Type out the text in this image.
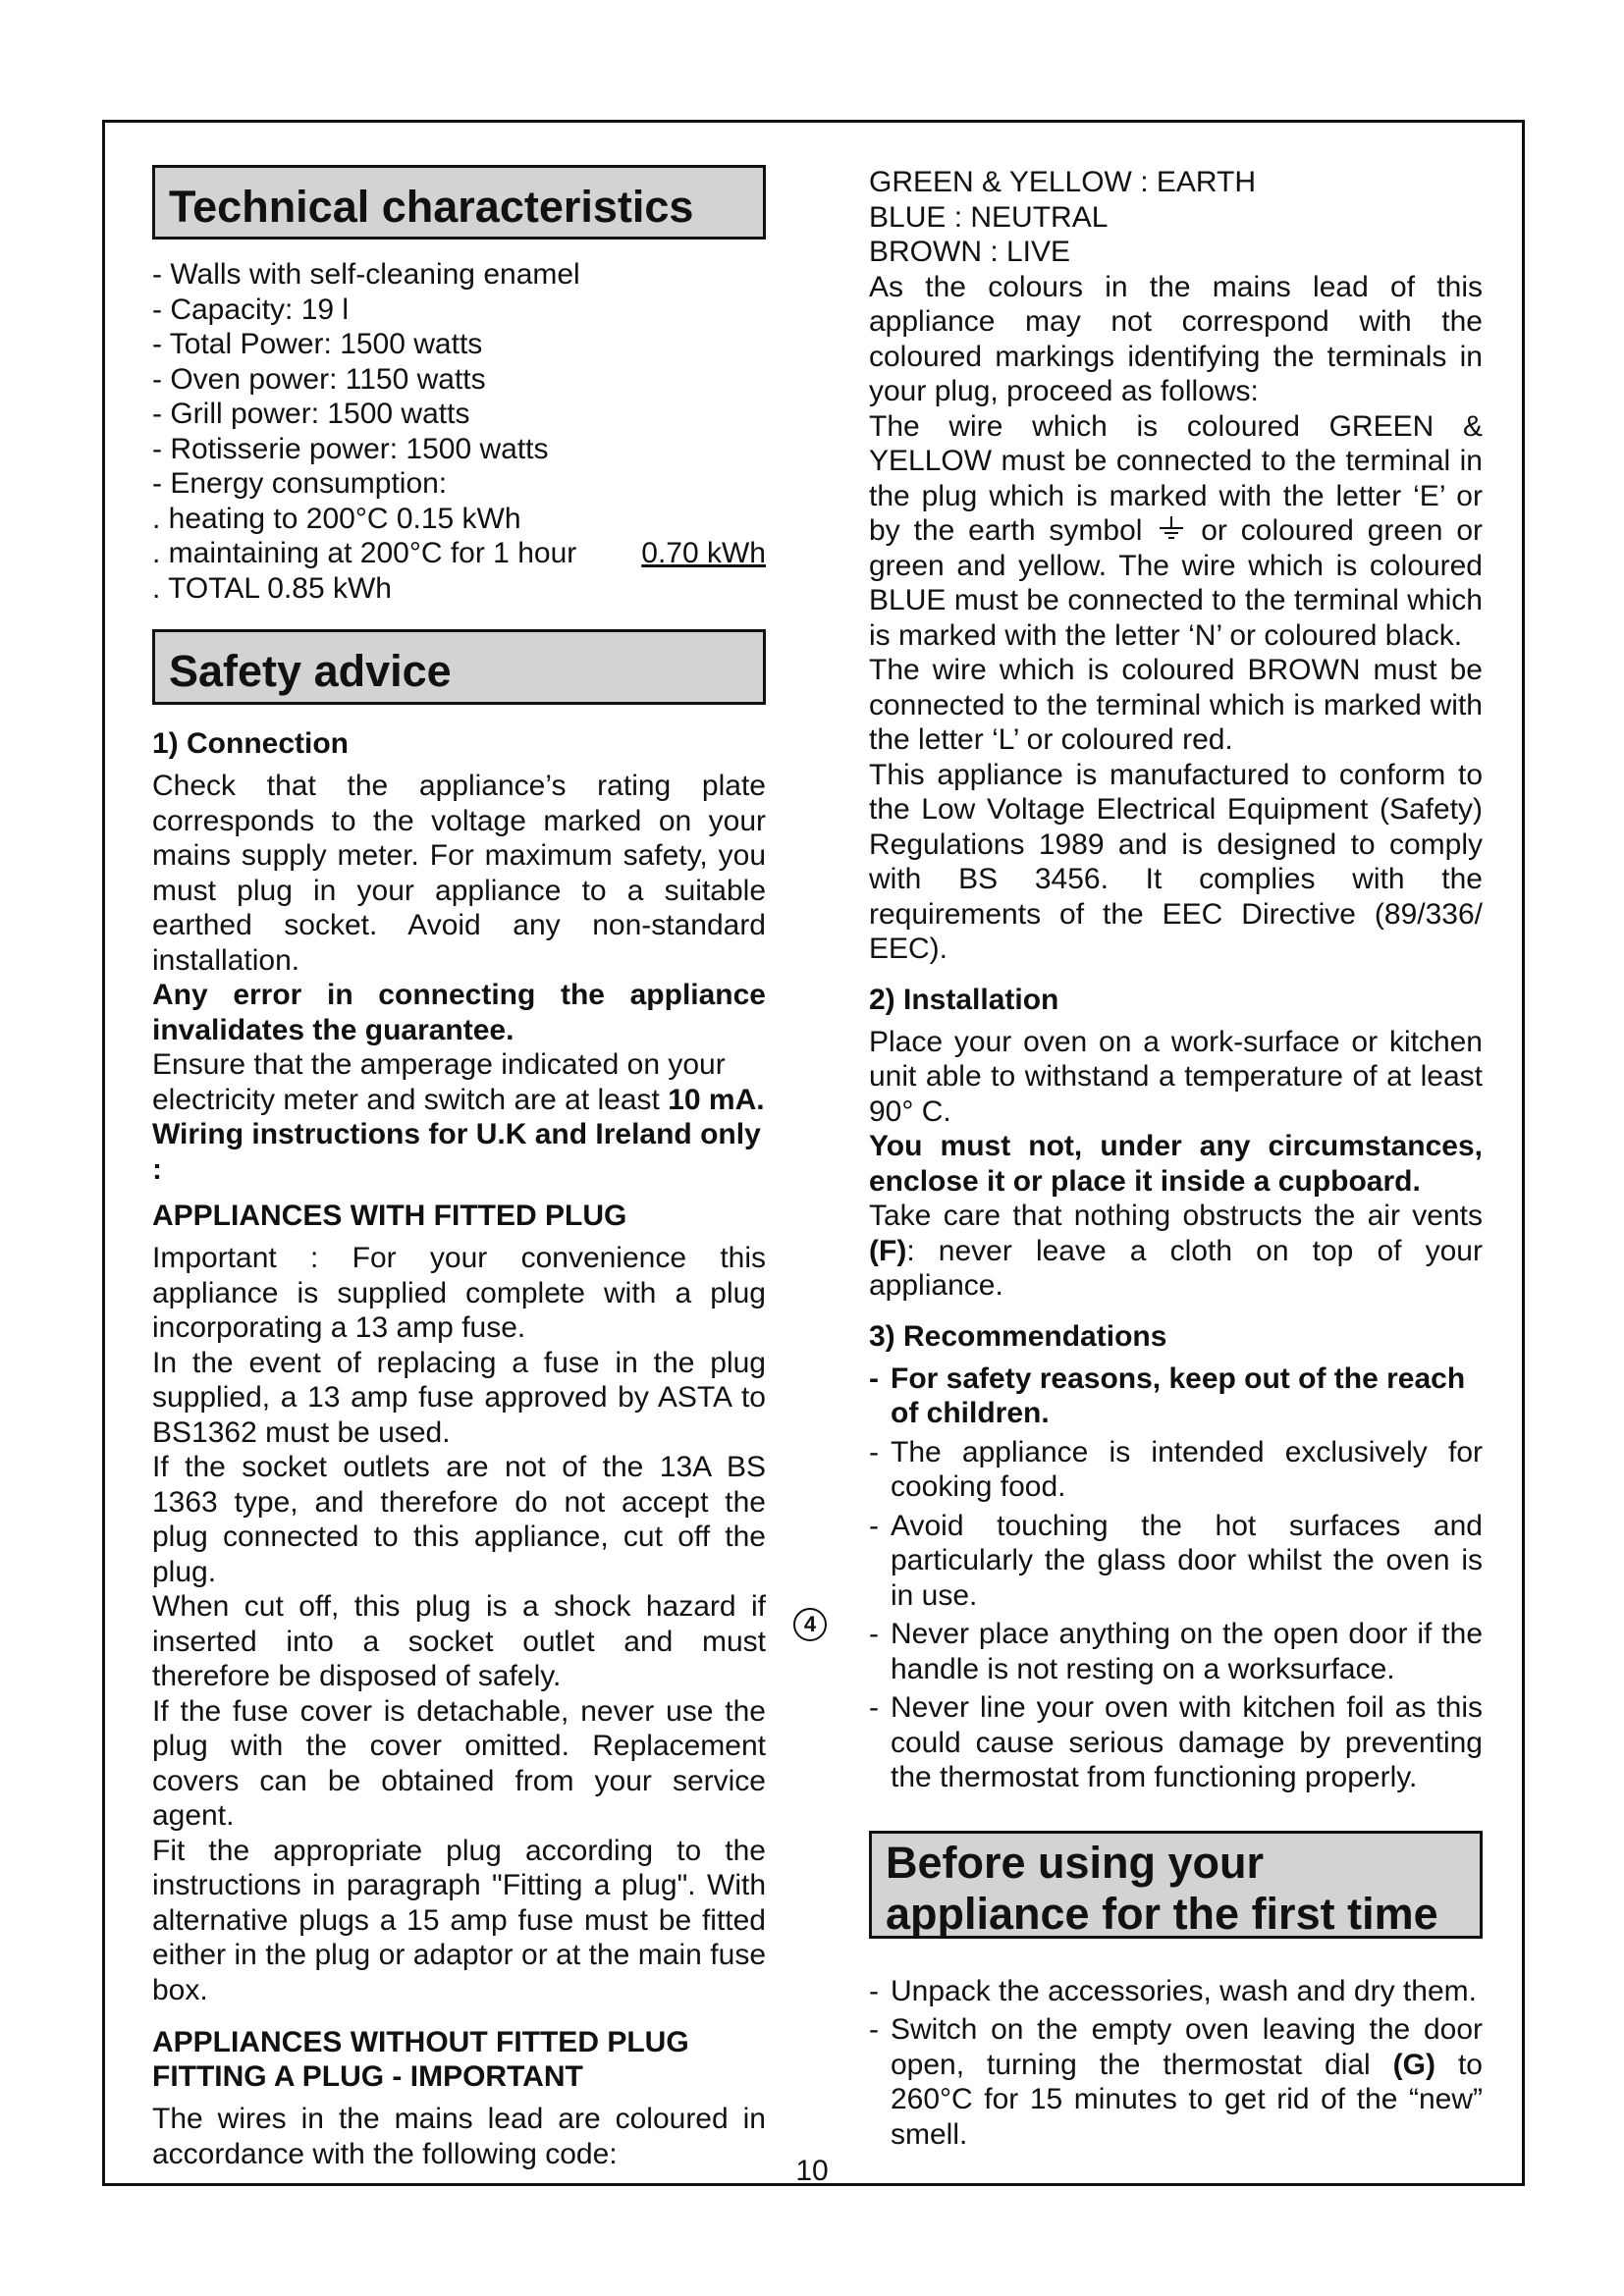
Technical characteristics
- Walls with self-cleaning enamel
- Capacity: 19 l
- Total Power: 1500 watts
- Oven power: 1150 watts
- Grill power: 1500 watts
- Rotisserie power: 1500 watts
- Energy consumption:
. heating to 200°C 0.15 kWh
. maintaining at 200°C for 1 hour 0.70 kWh
. TOTAL 0.85 kWh
Safety advice
1) Connection

Check that the appliance’s rating plate corresponds to the voltage marked on your mains supply meter. For maximum safety, you must plug in your appliance to a suitable earthed socket. Avoid any non-standard installation.

Any error in connecting the appliance invalidates the guarantee.

Ensure that the amperage indicated on your electricity meter and switch are at least 10 mA.

Wiring instructions for U.K and Ireland only :

APPLIANCES WITH FITTED PLUG

Important : For your convenience this appliance is supplied complete with a plug incorporating a 13 amp fuse.

In the event of replacing a fuse in the plug supplied, a 13 amp fuse approved by ASTA to BS1362 must be used.

If the socket outlets are not of the 13A BS 1363 type, and therefore do not accept the plug connected to this appliance, cut off the plug.

When cut off, this plug is a shock hazard if inserted into a socket outlet and must therefore be disposed of safely.

If the fuse cover is detachable, never use the plug with the cover omitted. Replacement covers can be obtained from your service agent.

Fit the appropriate plug according to the instructions in paragraph "Fitting a plug". With alternative plugs a 15 amp fuse must be fitted either in the plug or adaptor or at the main fuse box.

APPLIANCES WITHOUT FITTED PLUG
FITTING A PLUG - IMPORTANT

The wires in the mains lead are coloured in accordance with the following code:

GREEN & YELLOW : EARTH
BLUE : NEUTRAL
BROWN : LIVE

As the colours in the mains lead of this appliance may not correspond with the coloured markings identifying the terminals in your plug, proceed as follows:

The wire which is coloured GREEN & YELLOW must be connected to the terminal in the plug which is marked with the letter ‘E’ or by the earth symbol or coloured green or green and yellow. The wire which is coloured BLUE must be connected to the terminal which is marked with the letter ‘N’ or coloured black.

The wire which is coloured BROWN must be connected to the terminal which is marked with the letter ‘L’ or coloured red.

This appliance is manufactured to conform to the Low Voltage Electrical Equipment (Safety) Regulations 1989 and is designed to comply with BS 3456. It complies with the requirements of the EEC Directive (89/336/ EEC).

2) Installation

Place your oven on a work-surface or kitchen unit able to withstand a temperature of at least 90° C.

You must not, under any circumstances, enclose it or place it inside a cupboard.

Take care that nothing obstructs the air vents (F): never leave a cloth on top of your appliance.

3) Recommendations
- For safety reasons, keep out of the reach of children.
- The appliance is intended exclusively for cooking food.
- Avoid touching the hot surfaces and particularly the glass door whilst the oven is in use.
- Never place anything on the open door if the handle is not resting on a worksurface.
- Never line your oven with kitchen foil as this could cause serious damage by preventing the thermostat from functioning properly.
Before using your appliance for the first time
- Unpack the accessories, wash and dry them.
- Switch on the empty oven leaving the door open, turning the thermostat dial (G) to 260°C for 15 minutes to get rid of the “new” smell.
4
10
